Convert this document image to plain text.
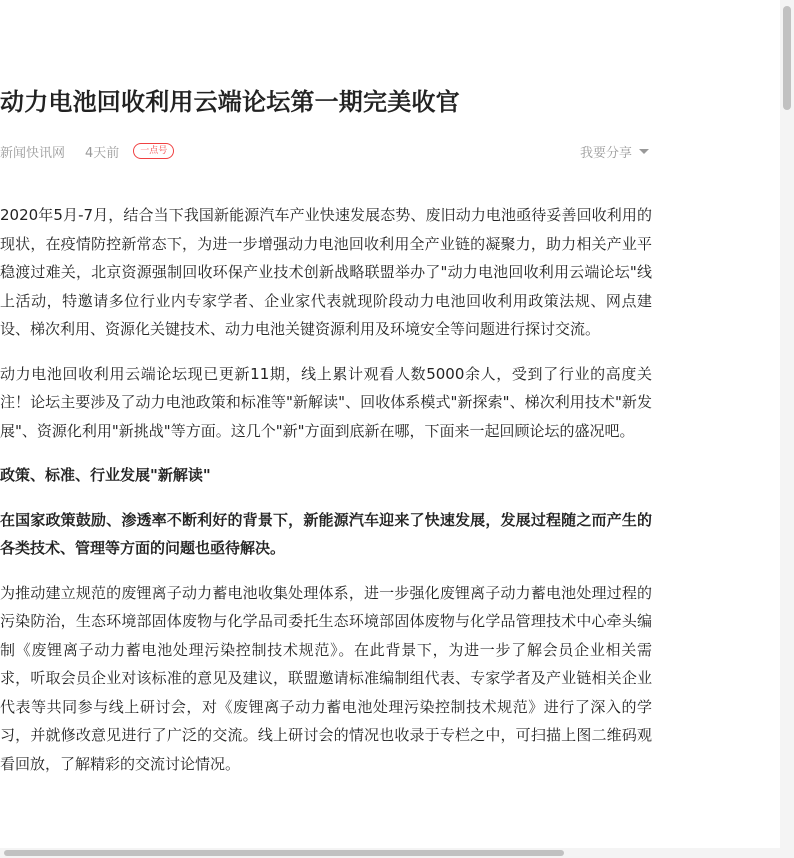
动力电池回收利用云端论坛第一期完美收官
新闻快讯网 4天前	一点号	我要分享

2020年5月-7月，结合当下我国新能源汽车产业快速发展态势、废旧动力电池亟待妥善回收利用的现状，在疫情防控新常态下，为进一步增强动力电池回收利用全产业链的凝聚力，助力相关产业平稳渡过难关，北京资源强制回收环保产业技术创新战略联盟举办了"动力电池回收利用云端论坛"线上活动，特邀请多位行业内专家学者、企业家代表就现阶段动力电池回收利用政策法规、网点建设、梯次利用、资源化关键技术、动力电池关键资源利用及环境安全等问题进行探讨交流。

动力电池回收利用云端论坛现已更新11期，线上累计观看人数5000余人，受到了行业的高度关注！论坛主要涉及了动力电池政策和标准等"新解读"、回收体系模式"新探索"、梯次利用技术"新发展"、资源化利用"新挑战"等方面。这几个"新"方面到底新在哪，下面来一起回顾论坛的盛况吧。

政策、标准、行业发展"新解读"

在国家政策鼓励、渗透率不断利好的背景下，新能源汽车迎来了快速发展，发展过程随之而产生的各类技术、管理等方面的问题也亟待解决。

为推动建立规范的废锂离子动力蓄电池收集处理体系，进一步强化废锂离子动力蓄电池处理过程的污染防治，生态环境部固体废物与化学品司委托生态环境部固体废物与化学品管理技术中心牵头编制《废锂离子动力蓄电池处理污染控制技术规范》。在此背景下，为进一步了解会员企业相关需求，听取会员企业对该标准的意见及建议，联盟邀请标准编制组代表、专家学者及产业链相关企业代表等共同参与线上研讨会，对《废锂离子动力蓄电池处理污染控制技术规范》进行了深入的学习，并就修改意见进行了广泛的交流。线上研讨会的情况也收录于专栏之中，可扫描上图二维码观看回放，了解精彩的交流讨论情况。
